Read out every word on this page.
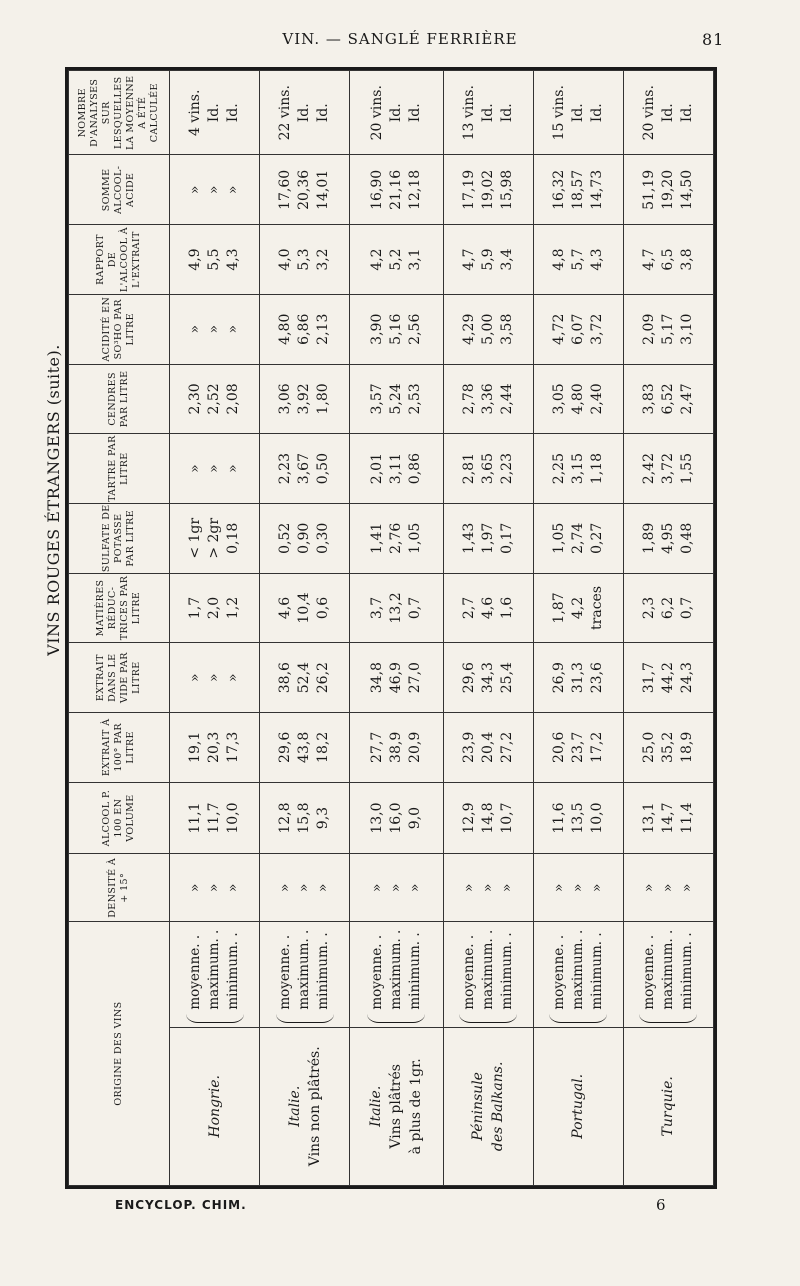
VIN. — SANGLÉ FERRIÈRE	81
VINS ROUGES ÉTRANGERS (suite).
ORIGINE DES VINS		DENSITÉ À + 15°	ALCOOL P. 100 EN VOLUME	EXTRAIT À 100° PAR LITRE	EXTRAIT DANS LE VIDE PAR LITRE	MATIÈRES RÉDUC-TRICES PAR LITRE	SULFATE DE POTASSE PAR LITRE	TARTRE PAR LITRE	CENDRES PAR LITRE	ACIDITÉ EN SO³HO PAR LITRE	RAPPORT DE L'ALCOOL À L'EXTRAIT	SOMME ALCOOL-ACIDE	NOMBRE D'ANALYSES SUR LESQUELLES LA MOYENNE A ÉTÉ CALCULÉE
Hongrie.	moyenne. . maximum. . minimum. .	» » »	11,1 11,7 10,0	19,1 20,3 17,3	» » »	1,7 2,0 1,2	< 1gr > 2gr 0,18	» » »	2,30 2,52 2,08	» » »	4,9 5,5 4,3	» » »	4 vins. Id. Id.
Italie. Vins non plâtrés.	moyenne. . maximum. . minimum. .	» » »	12,8 15,8 9,3	29,6 43,8 18,2	38,6 52,4 26,2	4,6 10,4 0,6	0,52 0,90 0,30	2,23 3,67 0,50	3,06 3,92 1,80	4,80 6,86 2,13	4,0 5,3 3,2	17,60 20,36 14,01	22 vins. Id. Id.
Italie. Vins plâtrés à plus de 1gr.	moyenne. . maximum. . minimum. .	» » »	13,0 16,0 9,0	27,7 38,9 20,9	34,8 46,9 27,0	3,7 13,2 0,7	1,41 2,76 1,05	2,01 3,11 0,86	3,57 5,24 2,53	3,90 5,16 2,56	4,2 5,2 3,1	16,90 21,16 12,18	20 vins. Id. Id.
Péninsule des Balkans.	moyenne. . maximum. . minimum. .	» » »	12,9 14,8 10,7	23,9 20,4 27,2	29,6 34,3 25,4	2,7 4,6 1,6	1,43 1,97 0,17	2,81 3,65 2,23	2,78 3,36 2,44	4,29 5,00 3,58	4,7 5,9 3,4	17,19 19,02 15,98	13 vins. Id. Id.
Portugal.	moyenne. . maximum. . minimum. .	» » »	11,6 13,5 10,0	20,6 23,7 17,2	26,9 31,3 23,6	1,87 4,2 traces	1,05 2,74 0,27	2,25 3,15 1,18	3,05 4,80 2,40	4,72 6,07 3,72	4,8 5,7 4,3	16,32 18,57 14,73	15 vins. Id. Id.
Turquie.	moyenne. . maximum. . minimum. .	» » »	13,1 14,7 11,4	25,0 35,2 18,9	31,7 44,2 24,3	2,3 6,2 0,7	1,89 4,95 0,48	2,42 3,72 1,55	3,83 6,52 2,47	2,09 5,17 3,10	4,7 6,5 3,8	51,19 19,20 14,50	20 vins. Id. Id.
ENCYCLOP. CHIM.	6
